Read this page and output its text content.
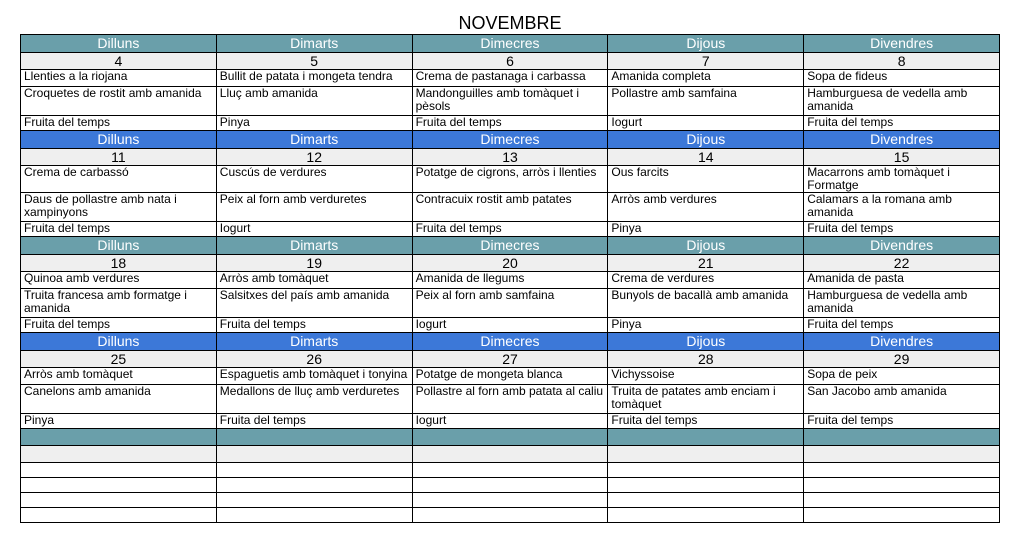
NOVEMBRE
Dilluns	Dimarts	Dimecres	Dijous	Divendres
4	5	6	7	8
Llenties a la riojana	Bullit de patata i mongeta tendra	Crema de pastanaga i carbassa	Amanida completa	Sopa de fideus
Croquetes de rostit amb amanida	Lluç amb amanida	Mandonguilles amb tomàquet i pèsols	Pollastre amb samfaina	Hamburguesa de vedella amb amanida
Fruita del temps	Pinya	Fruita del temps	Iogurt	Fruita del temps
Dilluns	Dimarts	Dimecres	Dijous	Divendres
11	12	13	14	15
Crema de carbassó	Cuscús de verdures	Potatge de cigrons, arròs i llenties	Ous farcits	Macarrons amb tomàquet i Formatge
Daus de pollastre amb nata i xampinyons	Peix al forn amb verduretes	Contracuix rostit amb patates	Arròs amb verdures	Calamars a la romana amb amanida
Fruita del temps	Iogurt	Fruita del temps	Pinya	Fruita del temps
Dilluns	Dimarts	Dimecres	Dijous	Divendres
18	19	20	21	22
Quinoa amb verdures	Arròs amb tomàquet	Amanida de llegums	Crema de verdures	Amanida de pasta
Truita francesa amb formatge i amanida	Salsitxes del país amb amanida	Peix al forn amb samfaina	Bunyols de bacallà amb amanida	Hamburguesa de vedella amb amanida
Fruita del temps	Fruita del temps	Iogurt	Pinya	Fruita del temps
Dilluns	Dimarts	Dimecres	Dijous	Divendres
25	26	27	28	29
Arròs amb tomàquet	Espaguetis amb tomàquet i tonyina	Potatge de mongeta blanca	Vichyssoise	Sopa de peix
Canelons amb amanida	Medallons de lluç amb verduretes	Pollastre al forn amb patata al caliu	Truita de patates amb enciam i tomàquet	San Jacobo amb amanida
Pinya	Fruita del temps	Iogurt	Fruita del temps	Fruita del temps
